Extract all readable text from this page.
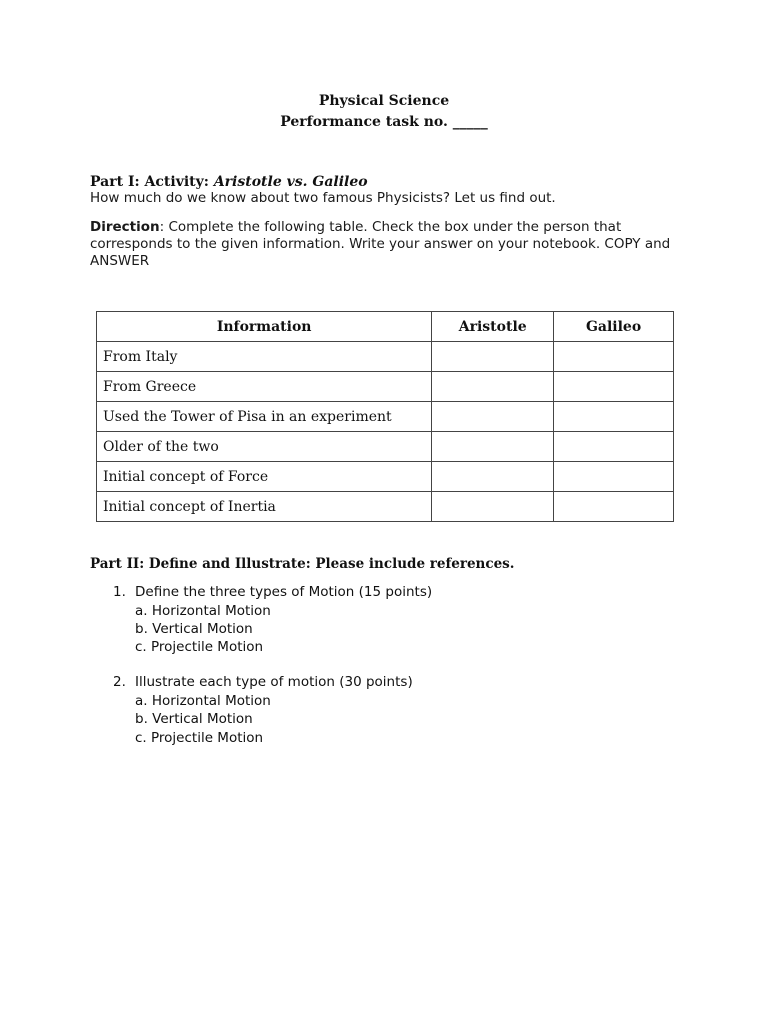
Physical Science
Performance task no. _____
Part I: Activity: Aristotle vs. Galileo
How much do we know about two famous Physicists? Let us find out.
Direction: Complete the following table. Check the box under the person that corresponds to the given information. Write your answer on your notebook. COPY and ANSWER
Information	Aristotle	Galileo
From Italy		
From Greece		
Used the Tower of Pisa in an experiment		
Older of the two		
Initial concept of Force		
Initial concept of Inertia		
Part II: Define and Illustrate: Please include references.
1. Define the three types of Motion (15 points)
a. Horizontal Motion
b. Vertical Motion
c. Projectile Motion
2. Illustrate each type of motion (30 points)
a. Horizontal Motion
b. Vertical Motion
c. Projectile Motion
